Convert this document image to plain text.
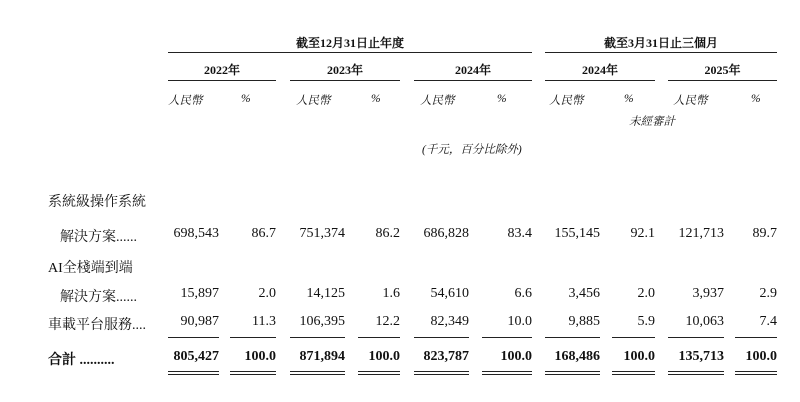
截至12月31日止年度	截至3月31日止三個月
2022年	2023年	2024年	2024年	2025年
人民幣	%	人民幣	%	人民幣	%	人民幣	%	人民幣	%
未經審計
(千元，百分比除外)
系統級操作系統
解決方案......	698,543 86.7 751,374 86.2 686,828	83.4 155,145 92.1 121,713 89.7
AI全棧端到端
解決方案......	15,897	2.0 14,125	1.6 54,610	6.6	3,456	2.0	3,937	2.9
車載平台服務.... 90,987 11.3 106,395 12.2 82,349	10.0	9,885	5.9 10,063	7.4
合計 ..........	805,427 100.0 871,894 100.0 823,787 100.0 168,486 100.0 135,713 100.0
